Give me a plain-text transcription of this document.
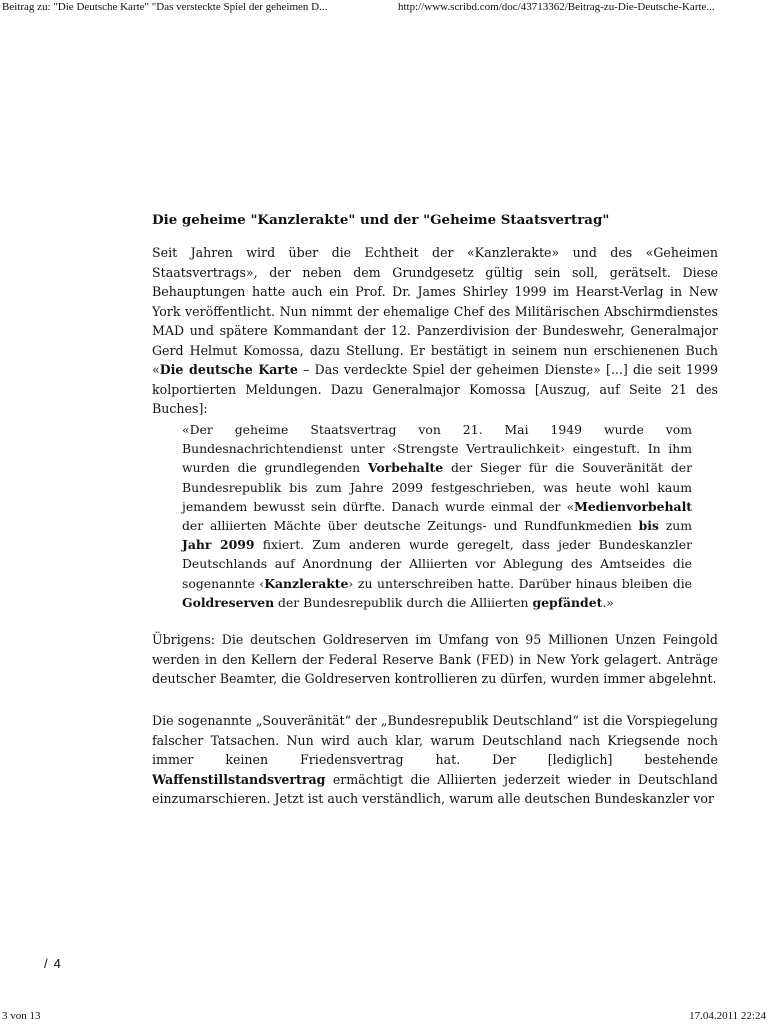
Beitrag zu: "Die Deutsche Karte" "Das versteckte Spiel der geheimen D...	http://www.scribd.com/doc/43713362/Beitrag-zu-Die-Deutsche-Karte...
Die geheime "Kanzlerakte" und der "Geheime Staatsvertrag"
Seit Jahren wird über die Echtheit der «Kanzlerakte» und des «Geheimen Staatsvertrags», der neben dem Grundgesetz gültig sein soll, gerätselt. Diese Behauptungen hatte auch ein Prof. Dr. James Shirley 1999 im Hearst-Verlag in New York veröffentlicht. Nun nimmt der ehemalige Chef des Militärischen Abschirmdienstes MAD und spätere Kommandant der 12. Panzerdivision der Bundeswehr, Generalmajor Gerd Helmut Komossa, dazu Stellung. Er bestätigt in seinem nun erschienenen Buch «Die deutsche Karte – Das verdeckte Spiel der geheimen Dienste» [...] die seit 1999 kolportierten Meldungen. Dazu Generalmajor Komossa [Auszug, auf Seite 21 des Buches]:
«Der geheime Staatsvertrag von 21. Mai 1949 wurde vom Bundesnachrichtendienst unter ‹Strengste Vertraulichkeit› eingestuft. In ihm wurden die grundlegenden Vorbehalte der Sieger für die Souveränität der Bundesrepublik bis zum Jahre 2099 festgeschrieben, was heute wohl kaum jemandem bewusst sein dürfte. Danach wurde einmal der «Medienvorbehalt der alliierten Mächte über deutsche Zeitungs- und Rundfunkmedien bis zum Jahr 2099 fixiert. Zum anderen wurde geregelt, dass jeder Bundeskanzler Deutschlands auf Anordnung der Alliierten vor Ablegung des Amtseides die sogenannte ‹Kanzlerakte› zu unterschreiben hatte. Darüber hinaus bleiben die Goldreserven der Bundesrepublik durch die Alliierten gepfändet.»
Übrigens: Die deutschen Goldreserven im Umfang von 95 Millionen Unzen Feingold werden in den Kellern der Federal Reserve Bank (FED) in New York gelagert. Anträge deutscher Beamter, die Goldreserven kontrollieren zu dürfen, wurden immer abgelehnt.
Die sogenannte „Souveränität“ der „Bundesrepublik Deutschland“ ist die Vorspiegelung falscher Tatsachen. Nun wird auch klar, warum Deutschland nach Kriegsende noch immer keinen Friedensvertrag hat. Der [lediglich] bestehende Waffenstillstandsvertrag ermächtigt die Alliierten jederzeit wieder in Deutschland einzumarschieren. Jetzt ist auch verständlich, warum alle deutschen Bundeskanzler vor
/ 4
3 von 13	17.04.2011 22:24
